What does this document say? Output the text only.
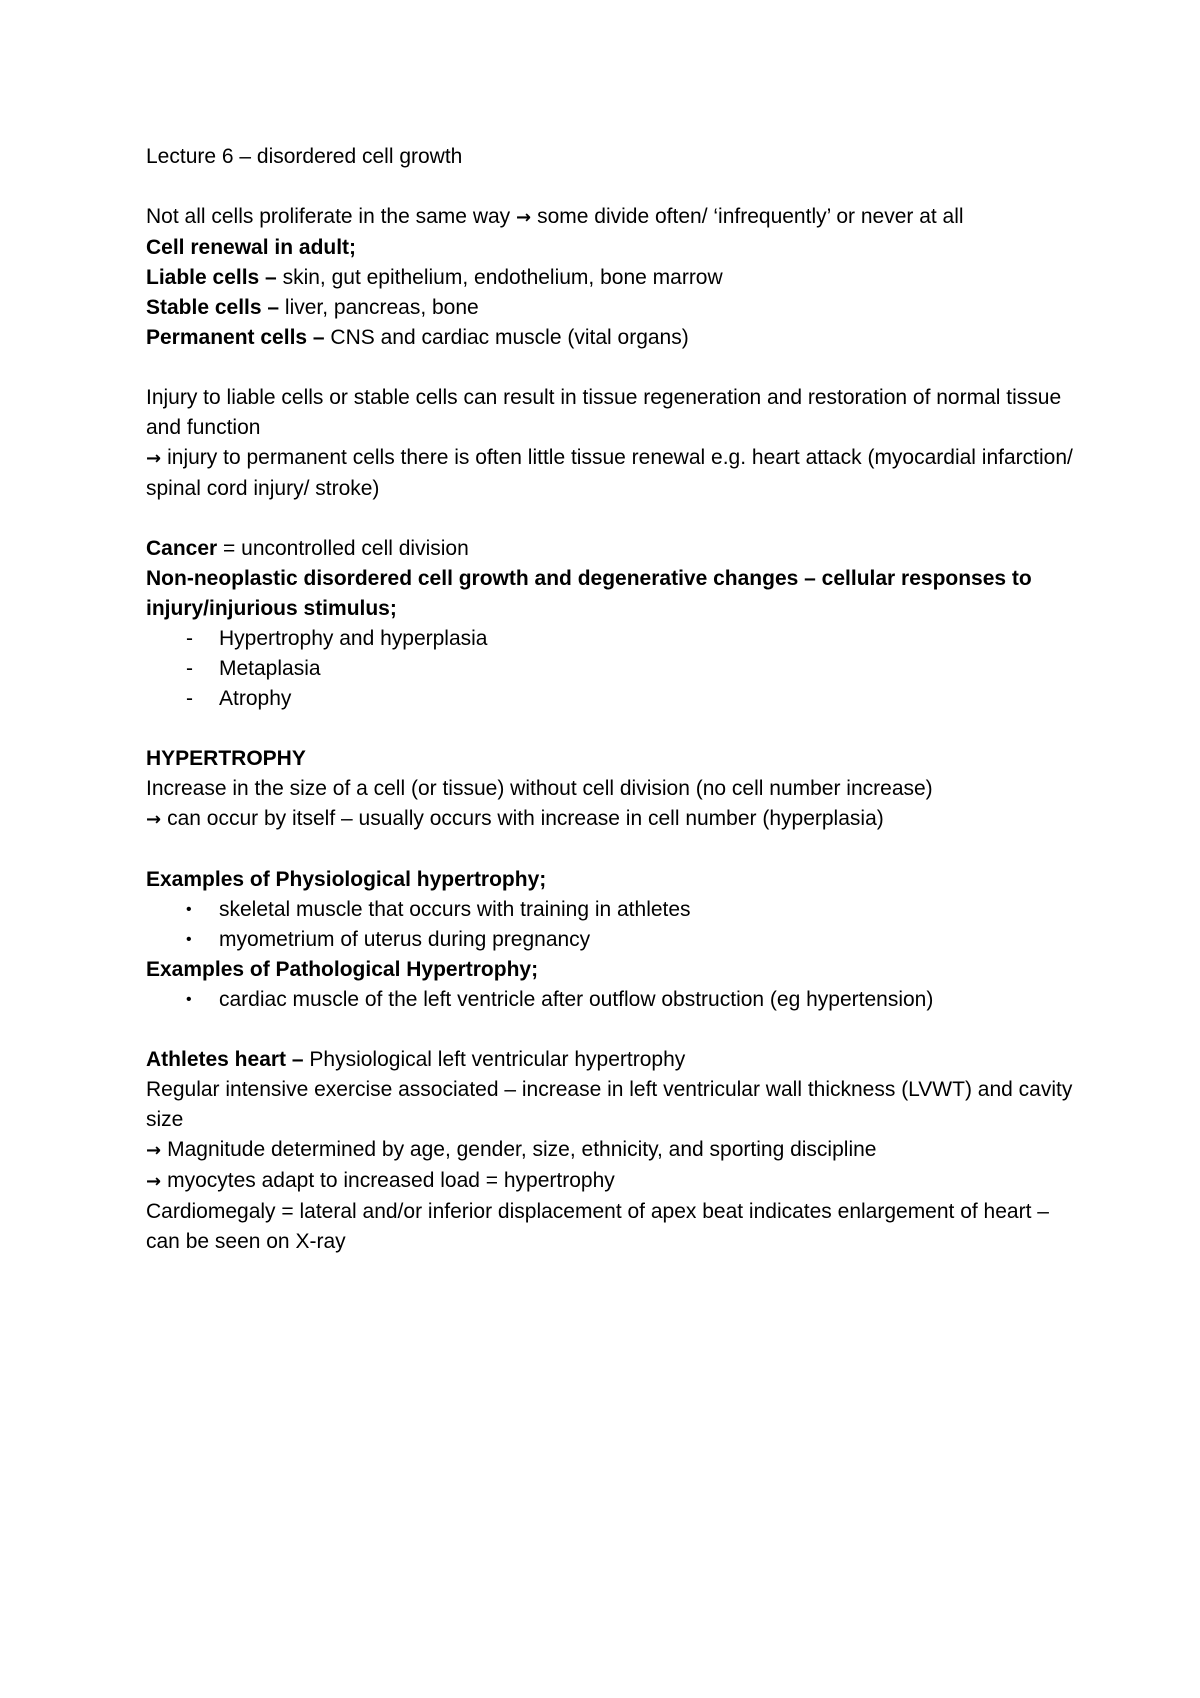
Lecture 6 – disordered cell growth

Not all cells proliferate in the same way → some divide often/ ‘infrequently’ or never at all

Cell renewal in adult;

Liable cells – skin, gut epithelium, endothelium, bone marrow

Stable cells – liver, pancreas, bone

Permanent cells – CNS and cardiac muscle (vital organs)

Injury to liable cells or stable cells can result in tissue regeneration and restoration of normal tissue and function

→ injury to permanent cells there is often little tissue renewal e.g. heart attack (myocardial infarction/ spinal cord injury/ stroke)

Cancer = uncontrolled cell division

Non-neoplastic disordered cell growth and degenerative changes – cellular responses to injury/injurious stimulus;

- Hypertrophy and hyperplasia
- Metaplasia
- Atrophy

HYPERTROPHY

Increase in the size of a cell (or tissue) without cell division (no cell number increase)

→ can occur by itself – usually occurs with increase in cell number (hyperplasia)

Examples of Physiological hypertrophy;

• skeletal muscle that occurs with training in athletes
• myometrium of uterus during pregnancy

Examples of Pathological Hypertrophy;

• cardiac muscle of the left ventricle after outflow obstruction (eg hypertension)

Athletes heart – Physiological left ventricular hypertrophy

Regular intensive exercise associated – increase in left ventricular wall thickness (LVWT) and cavity size

→ Magnitude determined by age, gender, size, ethnicity, and sporting discipline

→ myocytes adapt to increased load = hypertrophy

Cardiomegaly = lateral and/or inferior displacement of apex beat indicates enlargement of heart – can be seen on X-ray
